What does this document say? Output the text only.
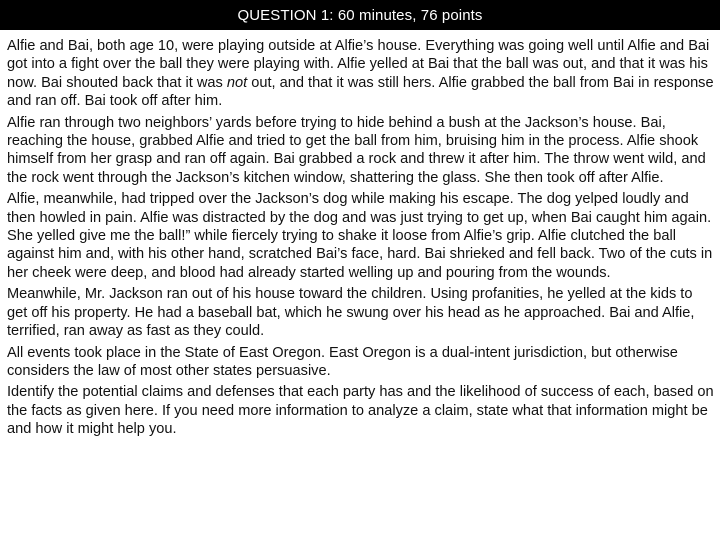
QUESTION 1: 60 minutes, 76 points

Alfie and Bai, both age 10, were playing outside at Alfie’s house. Everything was going well until Alfie and Bai got into a fight over the ball they were playing with. Alfie yelled at Bai that the ball was out, and that it was his now. Bai shouted back that it was not out, and that it was still hers. Alfie grabbed the ball from Bai in response and ran off. Bai took off after him.

Alfie ran through two neighbors’ yards before trying to hide behind a bush at the Jackson’s house. Bai, reaching the house, grabbed Alfie and tried to get the ball from him, bruising him in the process. Alfie shook himself from her grasp and ran off again. Bai grabbed a rock and threw it after him. The throw went wild, and the rock went through the Jackson’s kitchen window, shattering the glass. She then took off after Alfie.

Alfie, meanwhile, had tripped over the Jackson’s dog while making his escape. The dog yelped loudly and then howled in pain. Alfie was distracted by the dog and was just trying to get up, when Bai caught him again. She yelled give me the ball!” while fiercely trying to shake it loose from Alfie’s grip. Alfie clutched the ball against him and, with his other hand, scratched Bai’s face, hard. Bai shrieked and fell back. Two of the cuts in her cheek were deep, and blood had already started welling up and pouring from the wounds.

Meanwhile, Mr. Jackson ran out of his house toward the children. Using profanities, he yelled at the kids to get off his property. He had a baseball bat, which he swung over his head as he approached. Bai and Alfie, terrified, ran away as fast as they could.

All events took place in the State of East Oregon. East Oregon is a dual-intent jurisdiction, but otherwise considers the law of most other states persuasive.

Identify the potential claims and defenses that each party has and the likelihood of success of each, based on the facts as given here. If you need more information to analyze a claim, state what that information might be and how it might help you.
